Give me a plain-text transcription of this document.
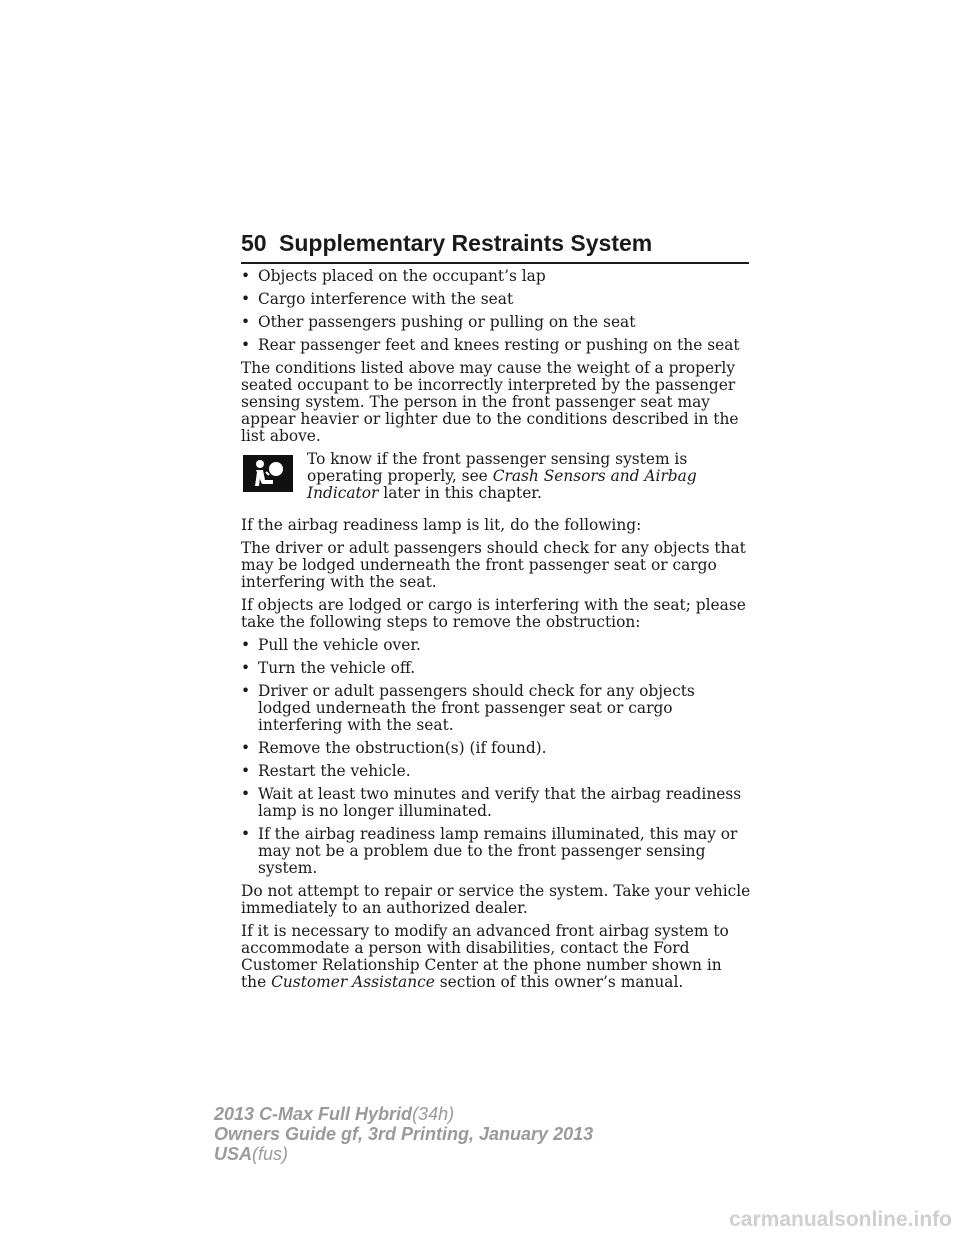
50 Supplementary Restraints System
• Objects placed on the occupant’s lap
• Cargo interference with the seat
• Other passengers pushing or pulling on the seat
• Rear passenger feet and knees resting or pushing on the seat

The conditions listed above may cause the weight of a properly seated occupant to be incorrectly interpreted by the passenger sensing system. The person in the front passenger seat may appear heavier or lighter due to the conditions described in the list above.

To know if the front passenger sensing system is operating properly, see Crash Sensors and Airbag Indicator later in this chapter.

If the airbag readiness lamp is lit, do the following:

The driver or adult passengers should check for any objects that may be lodged underneath the front passenger seat or cargo interfering with the seat.

If objects are lodged or cargo is interfering with the seat; please take the following steps to remove the obstruction:

• Pull the vehicle over.
• Turn the vehicle off.
• Driver or adult passengers should check for any objects lodged underneath the front passenger seat or cargo interfering with the seat.
• Remove the obstruction(s) (if found).
• Restart the vehicle.
• Wait at least two minutes and verify that the airbag readiness lamp is no longer illuminated.
• If the airbag readiness lamp remains illuminated, this may or may not be a problem due to the front passenger sensing system.

Do not attempt to repair or service the system. Take your vehicle immediately to an authorized dealer.

If it is necessary to modify an advanced front airbag system to accommodate a person with disabilities, contact the Ford Customer Relationship Center at the phone number shown in the Customer Assistance section of this owner’s manual.

2013 C-Max Full Hybrid(34h)
Owners Guide gf, 3rd Printing, January 2013
USA(fus)
carmanualsonline.info
